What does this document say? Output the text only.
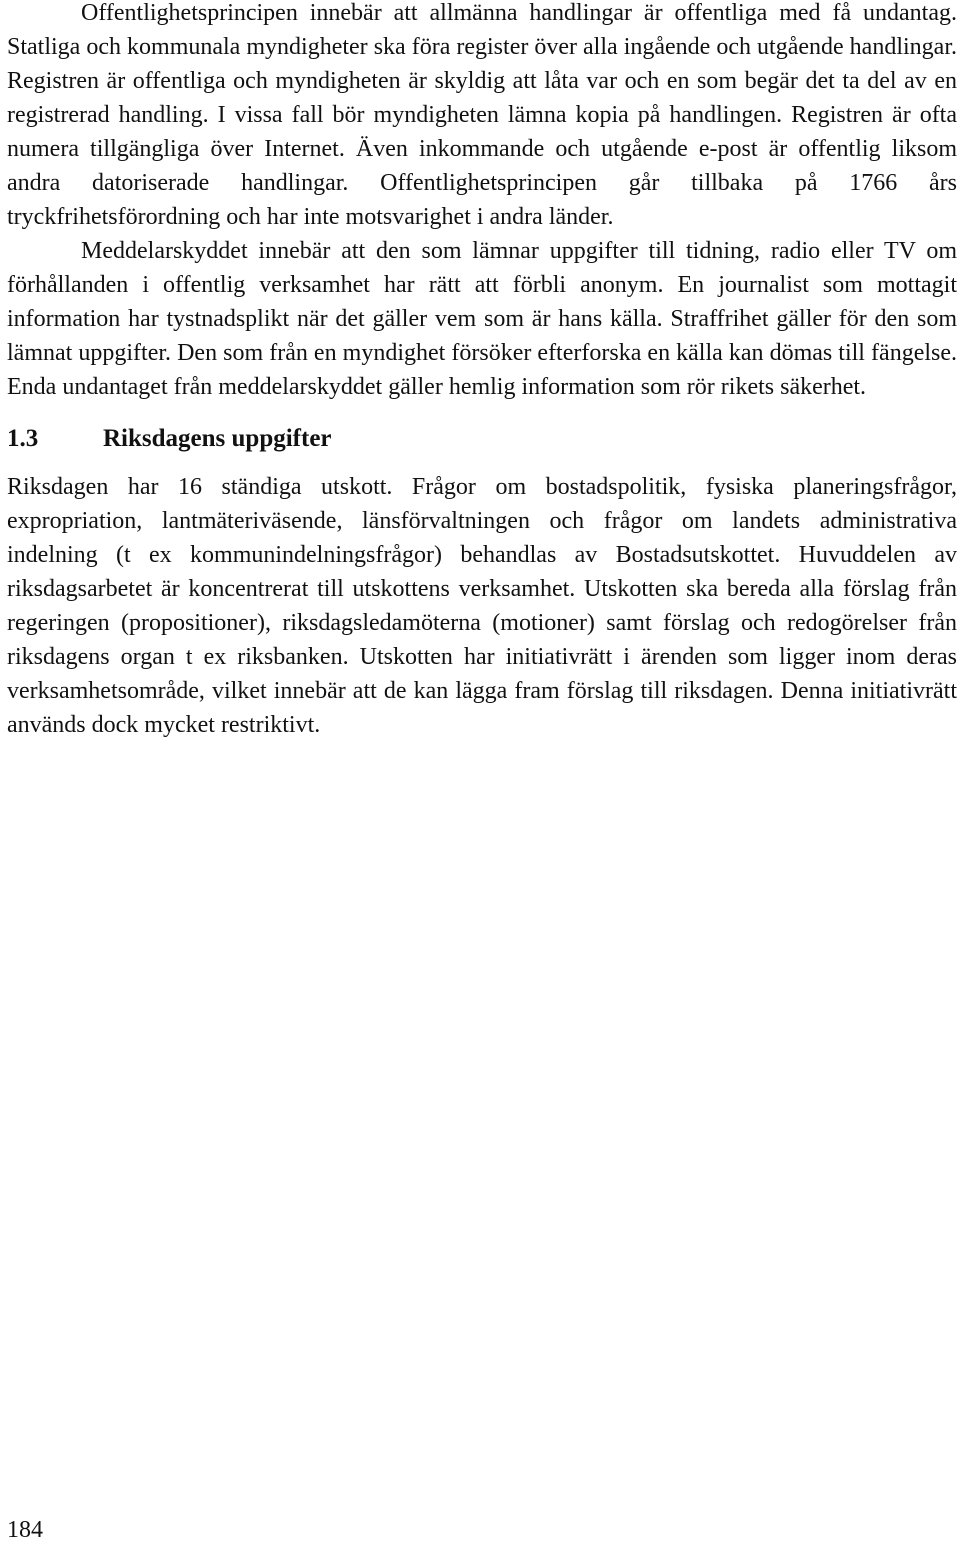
Offentlighetsprincipen innebär att allmänna handlingar är offentliga med få undantag. Statliga och kommunala myndigheter ska föra register över alla ingående och utgående handlingar. Registren är offentliga och myndigheten är skyldig att låta var och en som begär det ta del av en registrerad handling. I vissa fall bör myndigheten lämna kopia på handlingen. Registren är ofta numera tillgängliga över Internet. Även inkommande och utgående e-post är offentlig liksom andra datoriserade handlingar. Offentlighetsprincipen går tillbaka på 1766 års tryckfrihetsförordning och har inte motsvarighet i andra länder.

Meddelarskyddet innebär att den som lämnar uppgifter till tidning, radio eller TV om förhållanden i offentlig verksamhet har rätt att förbli anonym. En journalist som mottagit information har tystnadsplikt när det gäller vem som är hans källa. Straffrihet gäller för den som lämnat uppgifter. Den som från en myndighet försöker efterforska en källa kan dömas till fängelse. Enda undantaget från meddelarskyddet gäller hemlig information som rör rikets säkerhet.

1.3	Riksdagens uppgifter

Riksdagen har 16 ständiga utskott. Frågor om bostadspolitik, fysiska planeringsfrågor, expropriation, lantmäteriväsende, länsförvaltningen och frågor om landets administrativa indelning (t ex kommunindelningsfrågor) behandlas av Bostadsutskottet. Huvuddelen av riksdagsarbetet är koncentrerat till utskottens verksamhet. Utskotten ska bereda alla förslag från regeringen (propositioner), riksdagsledamöterna (motioner) samt förslag och redogörelser från riksdagens organ t ex riksbanken. Utskotten har initiativrätt i ärenden som ligger inom deras verksamhetsområde, vilket innebär att de kan lägga fram förslag till riksdagen. Denna initiativrätt används dock mycket restriktivt.

184
